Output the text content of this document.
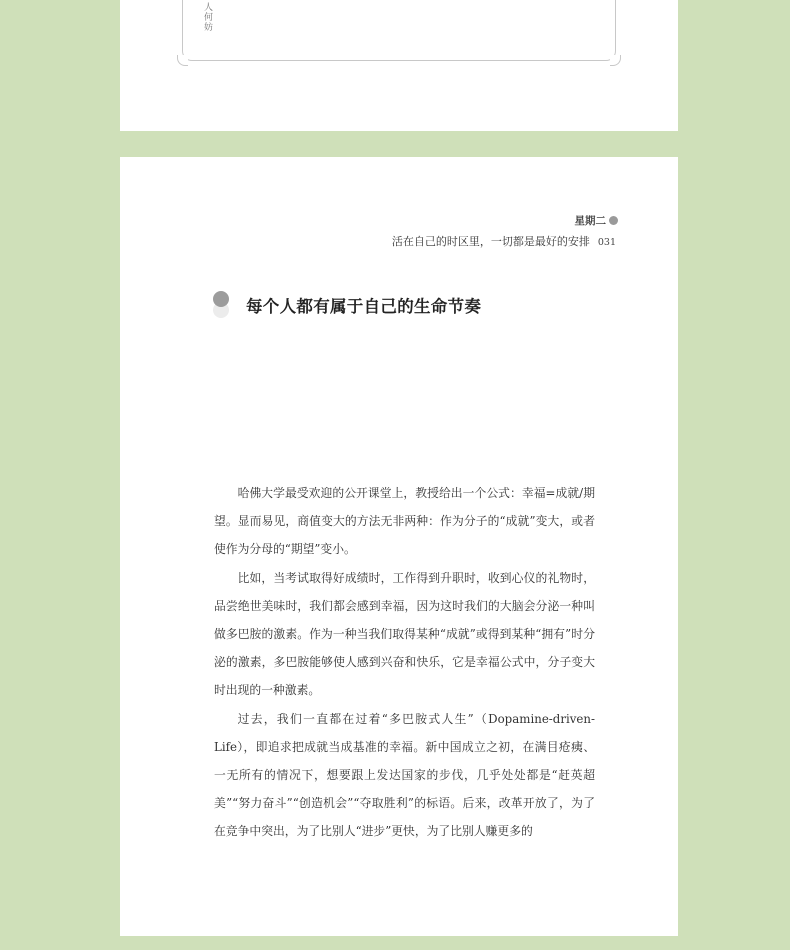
人何妨
星期二
活在自己的时区里，一切都是最好的安排 031
每个人都有属于自己的生命节奏

哈佛大学最受欢迎的公开课堂上，教授给出一个公式：幸福=成就/期望。显而易见，商值变大的方法无非两种：作为分子的“成就”变大，或者使作为分母的“期望”变小。

比如，当考试取得好成绩时，工作得到升职时，收到心仪的礼物时，品尝绝世美味时，我们都会感到幸福，因为这时我们的大脑会分泌一种叫做多巴胺的激素。作为一种当我们取得某种“成就”或得到某种“拥有”时分泌的激素，多巴胺能够使人感到兴奋和快乐，它是幸福公式中，分子变大时出现的一种激素。

过去，我们一直都在过着“多巴胺式人生”（Dopamine-driven-Life），即追求把成就当成基准的幸福。新中国成立之初，在满目疮痍、一无所有的情况下，想要跟上发达国家的步伐，几乎处处都是“赶英超美”“努力奋斗”“创造机会”“夺取胜利”的标语。后来，改革开放了，为了在竞争中突出，为了比别人“进步”更快，为了比别人赚更多的
